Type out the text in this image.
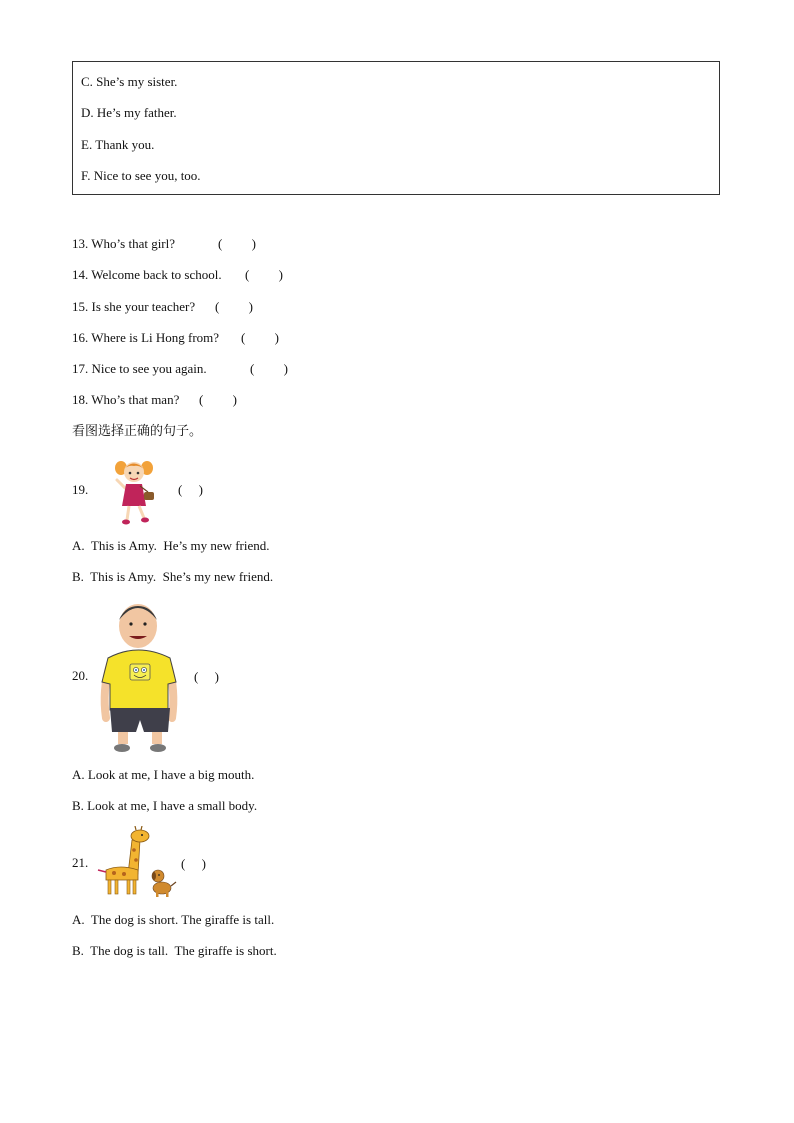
C. She’s my sister.
D. He’s my father.
E. Thank you.
F. Nice to see you, too.
13. Who’s that girl?	(         )
14. Welcome back to school. (         )
15. Is she your teacher? (         )
16. Where is Li Hong from? (         )
17. Nice to see you again.	(         )
18. Who’s that man? (         )
看图选择正确的句子。
19.	(     )
A.  This is Amy.  He’s my new friend.
B.  This is Amy.  She’s my new friend.
20.	(     )
A. Look at me, I have a big mouth.
B. Look at me, I have a small body.
21.	(     )
A.  The dog is short. The giraffe is tall.
B.  The dog is tall.  The giraffe is short.
